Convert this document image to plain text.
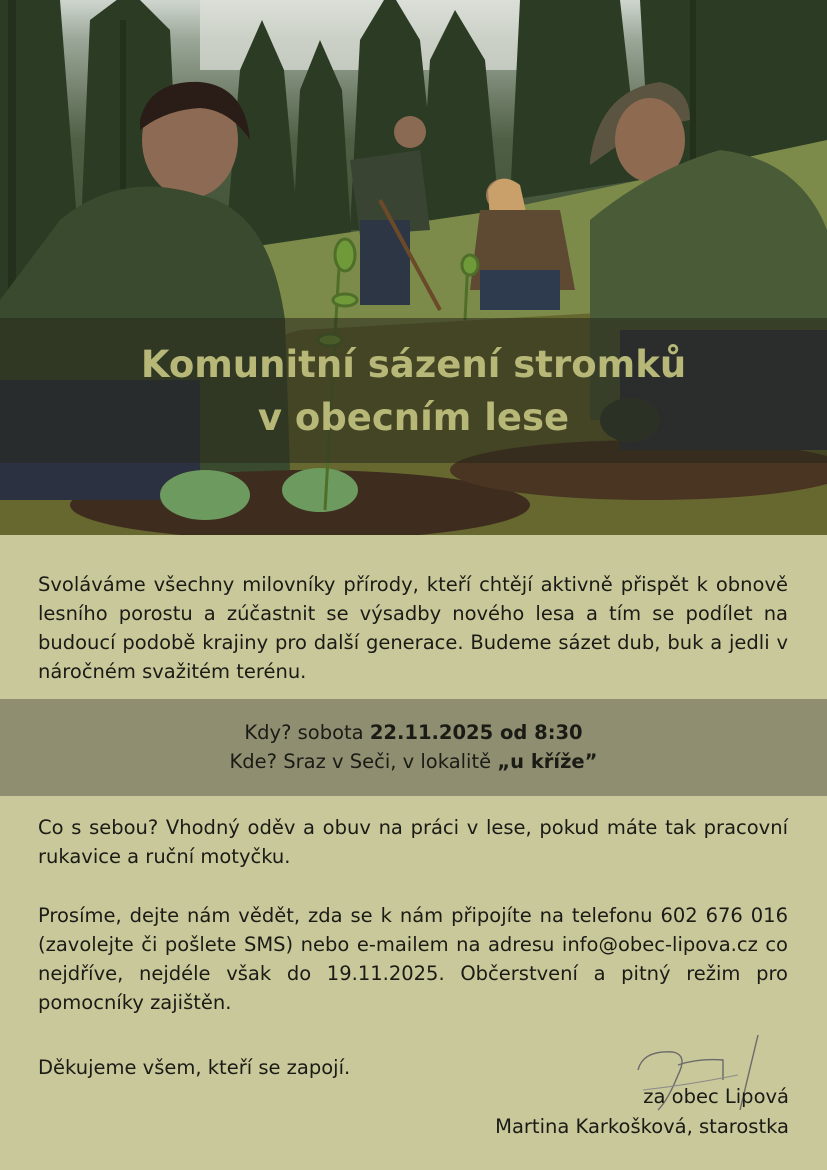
Komunitní sázení stromků
v obecním lese

Svoláváme všechny milovníky přírody, kteří chtějí aktivně přispět k obnově lesního porostu a zúčastnit se výsadby nového lesa a tím se podílet na budoucí podobě krajiny pro další generace. Budeme sázet dub, buk a jedli v náročném svažitém terénu.

Kdy? sobota 22.11.2025 od 8:30

Kde? Sraz v Seči, v lokalitě „u kříže”

Co s sebou? Vhodný oděv a obuv na práci v lese, pokud máte tak pracovní rukavice a ruční motyčku.

Prosíme, dejte nám vědět, zda se k nám připojíte na telefonu 602 676 016 (zavolejte či pošlete SMS) nebo e-mailem na adresu info@obec-lipova.cz co nejdříve, nejdéle však do 19.11.2025. Občerstvení a pitný režim pro pomocníky zajištěn.

Děkujeme všem, kteří se zapojí.

za obec Lipová

Martina Karkošková, starostka
